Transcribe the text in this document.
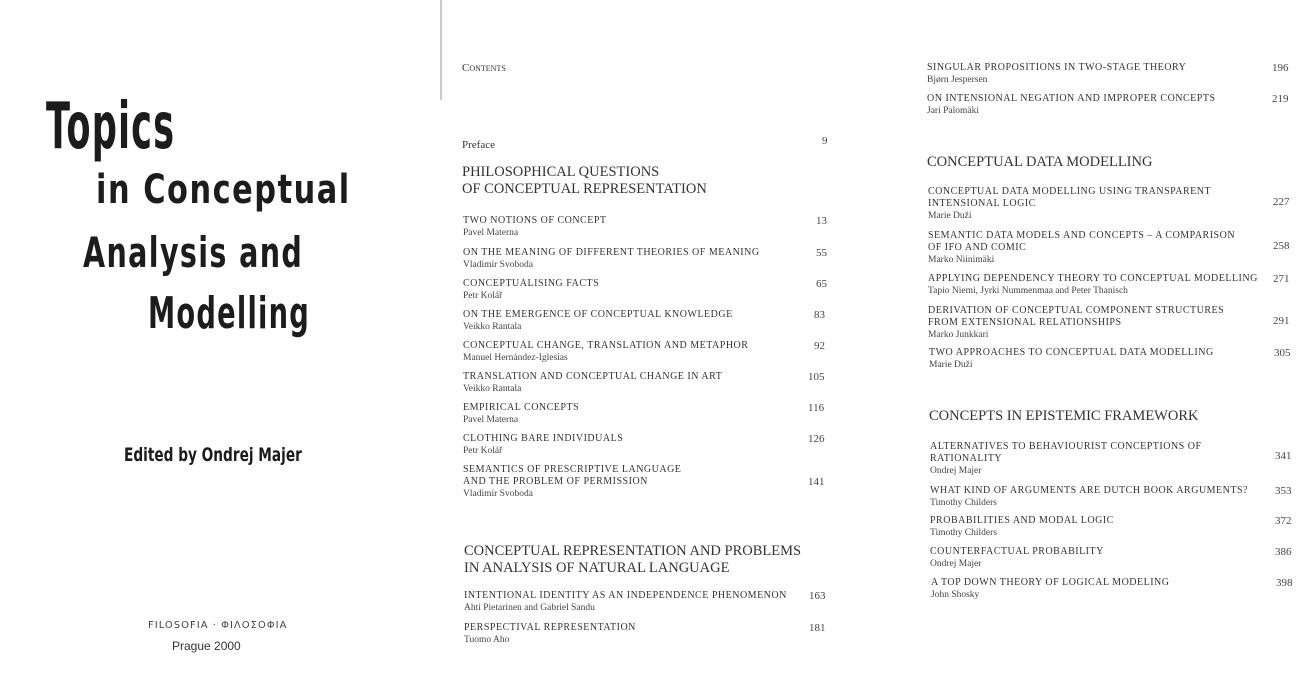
Topics
in Conceptual
Analysis and
Modelling
Edited by Ondrej Majer
FILOSOFIA · ΦΙΛΟΣΟΦΙΑ
Prague 2000
Contents
Preface	9
PHILOSOPHICAL QUESTIONS
OF CONCEPTUAL REPRESENTATION
TWO NOTIONS OF CONCEPT
Pavel Materna
13
ON THE MEANING OF DIFFERENT THEORIES OF MEANING
Vladimír Svoboda
55
CONCEPTUALISING FACTS
Petr Kolář
65
ON THE EMERGENCE OF CONCEPTUAL KNOWLEDGE
Veikko Rantala
83
CONCEPTUAL CHANGE, TRANSLATION AND METAPHOR
Manuel Hernández-Iglesias
92
TRANSLATION AND CONCEPTUAL CHANGE IN ART
Veikko Rantala
105
EMPIRICAL CONCEPTS
Pavel Materna
116
CLOTHING BARE INDIVIDUALS
Petr Kolář
126
SEMANTICS OF PRESCRIPTIVE LANGUAGE AND THE PROBLEM OF PERMISSION
Vladimír Svoboda
141
CONCEPTUAL REPRESENTATION AND PROBLEMS
IN ANALYSIS OF NATURAL LANGUAGE
INTENTIONAL IDENTITY AS AN INDEPENDENCE PHENOMENON
Ahti Pietarinen and Gabriel Sandu
163
PERSPECTIVAL REPRESENTATION
Tuomo Aho
181
SINGULAR PROPOSITIONS IN TWO-STAGE THEORY
Bjørn Jespersen
196
ON INTENSIONAL NEGATION AND IMPROPER CONCEPTS
Jari Palomäki
219
CONCEPTUAL DATA MODELLING
CONCEPTUAL DATA MODELLING USING TRANSPARENT INTENSIONAL LOGIC
Marie Duží
227
SEMANTIC DATA MODELS AND CONCEPTS – A COMPARISON OF IFO AND COMIC
Marko Niinimäki
258
APPLYING DEPENDENCY THEORY TO CONCEPTUAL MODELLING
Tapio Niemi, Jyrki Nummenmaa and Peter Thanisch
271
DERIVATION OF CONCEPTUAL COMPONENT STRUCTURES FROM EXTENSIONAL RELATIONSHIPS
Marko Junkkari
291
TWO APPROACHES TO CONCEPTUAL DATA MODELLING
Marie Duží
305
CONCEPTS IN EPISTEMIC FRAMEWORK
ALTERNATIVES TO BEHAVIOURIST CONCEPTIONS OF RATIONALITY
Ondrej Majer
341
WHAT KIND OF ARGUMENTS ARE DUTCH BOOK ARGUMENTS?
Timothy Childers
353
PROBABILITIES AND MODAL LOGIC
Timothy Childers
372
COUNTERFACTUAL PROBABILITY
Ondrej Majer
386
A TOP DOWN THEORY OF LOGICAL MODELING
John Shosky
398
